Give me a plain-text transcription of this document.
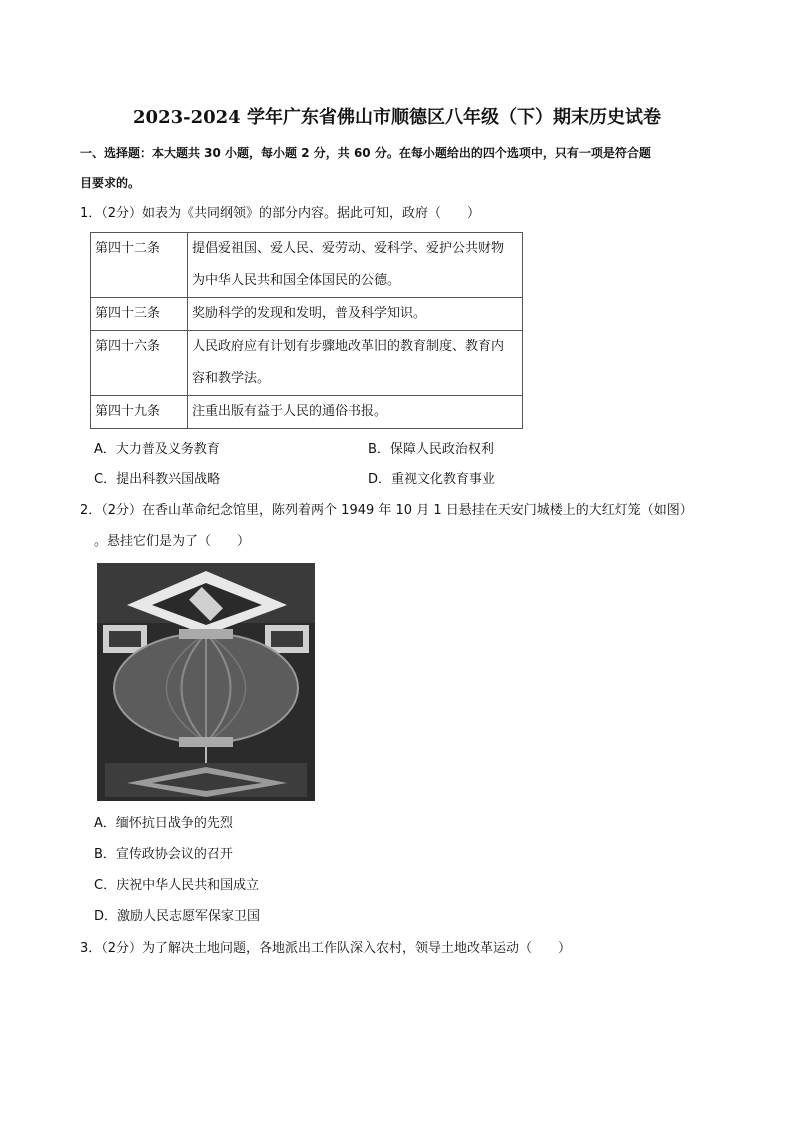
2023-2024 学年广东省佛山市顺德区八年级（下）期末历史试卷
一、选择题：本大题共 30 小题，每小题 2 分，共 60 分。在每小题给出的四个选项中，只有一项是符合题
目要求的。
1．（2分）如表为《共同纲领》的部分内容。据此可知，政府（　　）
第四十二条	提倡爱祖国、爱人民、爱劳动、爱科学、爱护公共财物
为中华人民共和国全体国民的公德。

第四十三条	奖励科学的发现和发明，普及科学知识。

第四十六条	人民政府应有计划有步骤地改革旧的教育制度、教育内
容和教学法。

第四十九条	注重出版有益于人民的通俗书报。
A．大力普及义务教育	B．保障人民政治权利
C．提出科教兴国战略	D．重视文化教育事业
2．（2分）在香山革命纪念馆里，陈列着两个 1949 年 10 月 1 日悬挂在天安门城楼上的大红灯笼（如图）
。悬挂它们是为了（　　）
A．缅怀抗日战争的先烈
B．宣传政协会议的召开
C．庆祝中华人民共和国成立
D．激励人民志愿军保家卫国
3．（2分）为了解决土地问题，各地派出工作队深入农村，领导土地改革运动（　　）
